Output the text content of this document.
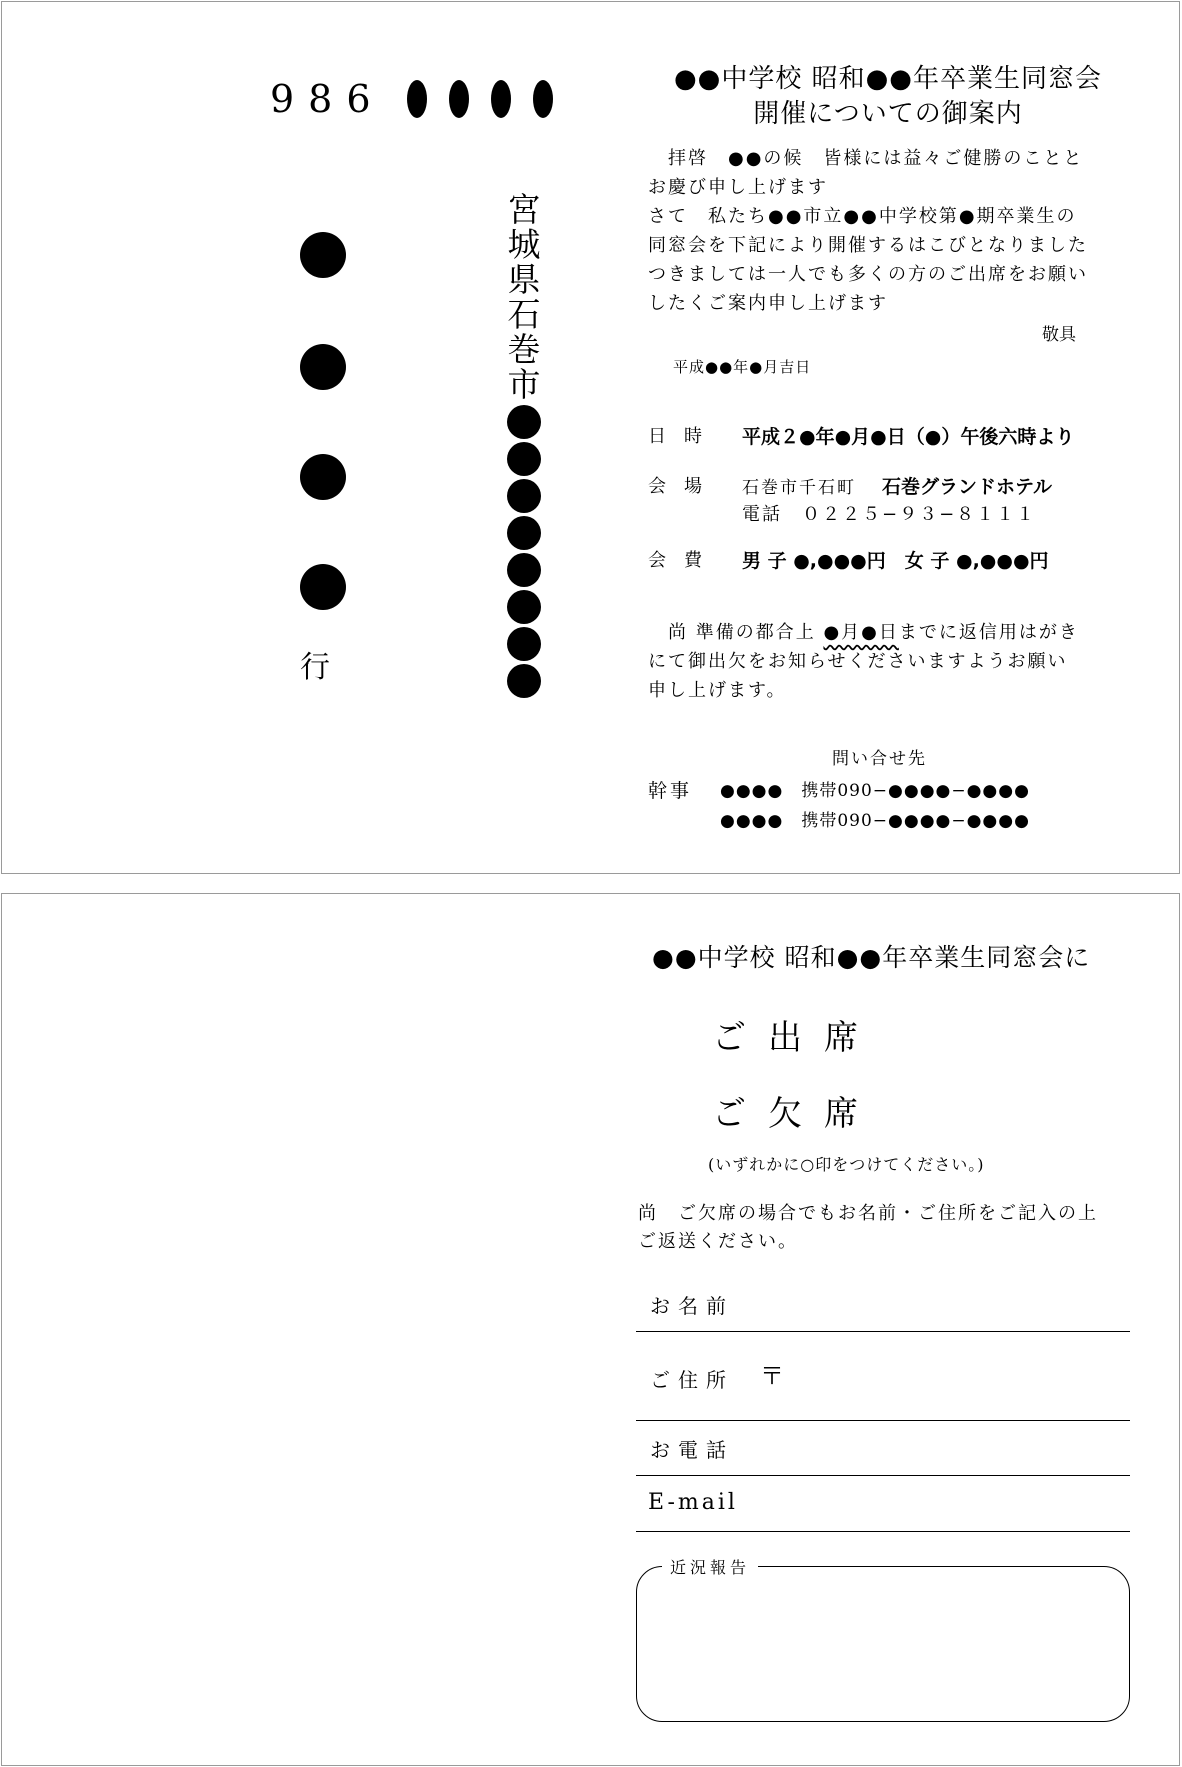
986
宮城県石巻市
行
●●中学校 昭和●●年卒業生同窓会
開催についての御案内
　拝啓　●●の候　皆様には益々ご健勝のことと
お慶び申し上げます
さて　私たち●●市立●●中学校第●期卒業生の
同窓会を下記により開催するはこびとなりました
つきましては一人でも多くの方のご出席をお願い
したくご案内申し上げます
敬具
平成●●年●月吉日
日時 平成２●年●月●日（●）午後六時より
会場 石巻市千石町 石巻グランドホテル
電話　０２２５−９３−８１１１
会費 男 子 ●,●●●円　女 子 ●,●●●円
　尚 準備の都合上 ●月●日までに返信用はがき
にて御出欠をお知らせくださいますようお願い
申し上げます。
問い合せ先
幹事 ●●●●　携帯090−●●●●−●●●●
●●●●　携帯090−●●●●−●●●●
●●中学校 昭和●●年卒業生同窓会に
ご出席
ご欠席
(いずれかに○印をつけてください。)
尚　ご欠席の場合でもお名前・ご住所をご記入の上
ご返送ください。
お名前
ご住所 〒
お電話
E-mail
近況報告
